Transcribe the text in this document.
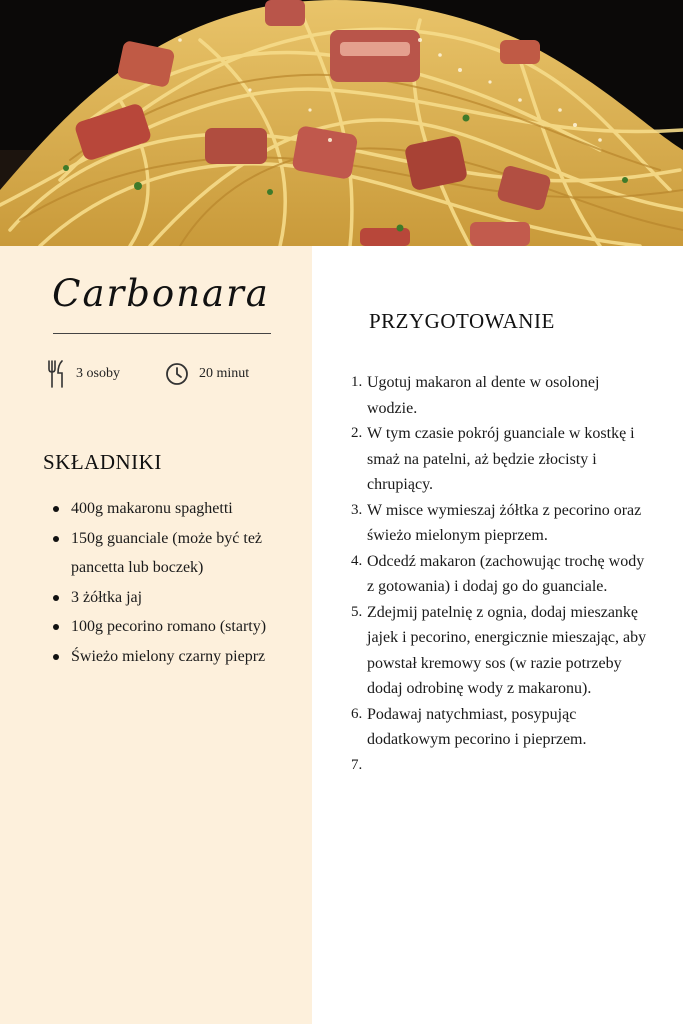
Carbonara
3 osoby	20 minut
SKŁADNIKI
400g makaronu spaghetti
150g guanciale (może być też pancetta lub boczek)
3 żółtka jaj
100g pecorino romano (starty)
Świeżo mielony czarny pieprz
PRZYGOTOWANIE
1. Ugotuj makaron al dente w osolonej wodzie.
2. W tym czasie pokrój guanciale w kostkę i smaż na patelni, aż będzie złocisty i chrupiący.
3. W misce wymieszaj żółtka z pecorino oraz świeżo mielonym pieprzem.
4. Odcedź makaron (zachowując trochę wody z gotowania) i dodaj go do guanciale.
5. Zdejmij patelnię z ognia, dodaj mieszankę jajek i pecorino, energicznie mieszając, aby powstał kremowy sos (w razie potrzeby dodaj odrobinę wody z makaronu).
6. Podawaj natychmiast, posypując dodatkowym pecorino i pieprzem.
7.
